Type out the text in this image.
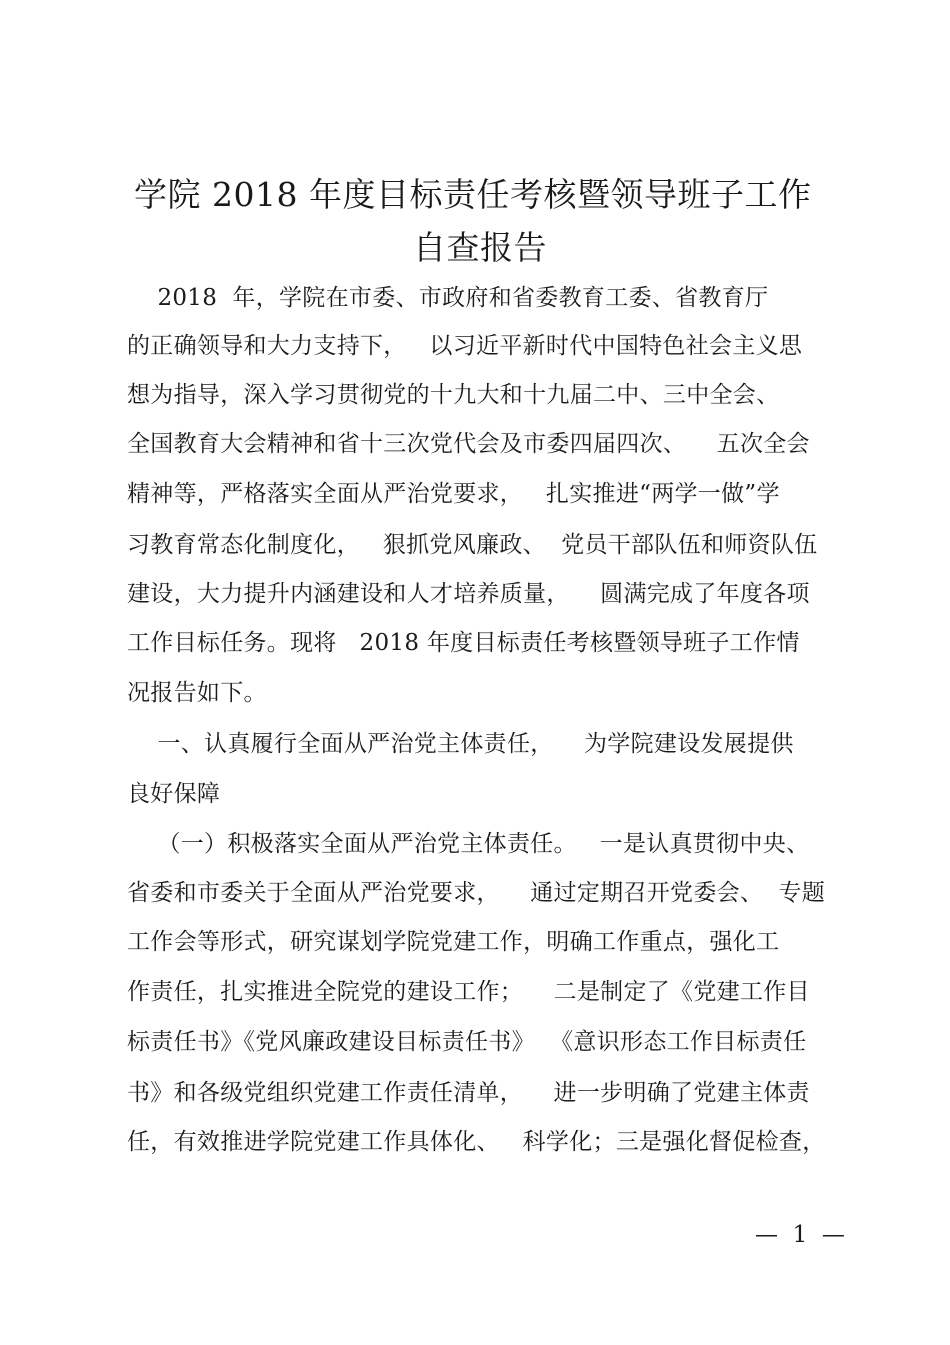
学院 2018 年度目标责任考核暨领导班子工作
自查报告
2018  年，学院在市委、市政府和省委教育工委、省教育厅
的正确领导和大力支持下，   以习近平新时代中国特色社会主义思
想为指导，深入学习贯彻党的十九大和十九届二中、三中全会、
全国教育大会精神和省十三次党代会及市委四届四次、    五次全会
精神等，严格落实全面从严治党要求，   扎实推进“两学一做”学
习教育常态化制度化，   狠抓党风廉政、  党员干部队伍和师资队伍
建设，大力提升内涵建设和人才培养质量，    圆满完成了年度各项
工作目标任务。现将   2018 年度目标责任考核暨领导班子工作情
况报告如下。
一、认真履行全面从严治党主体责任，    为学院建设发展提供
良好保障
（一）积极落实全面从严治党主体责任。   一是认真贯彻中央、
省委和市委关于全面从严治党要求，    通过定期召开党委会、  专题
工作会等形式，研究谋划学院党建工作，明确工作重点，强化工
作责任，扎实推进全院党的建设工作；    二是制定了《党建工作目
标责任书》《党风廉政建设目标责任书》  《意识形态工作目标责任
书》和各级党组织党建工作责任清单，    进一步明确了党建主体责
任，有效推进学院党建工作具体化、   科学化；三是强化督促检查，
—  1  —
